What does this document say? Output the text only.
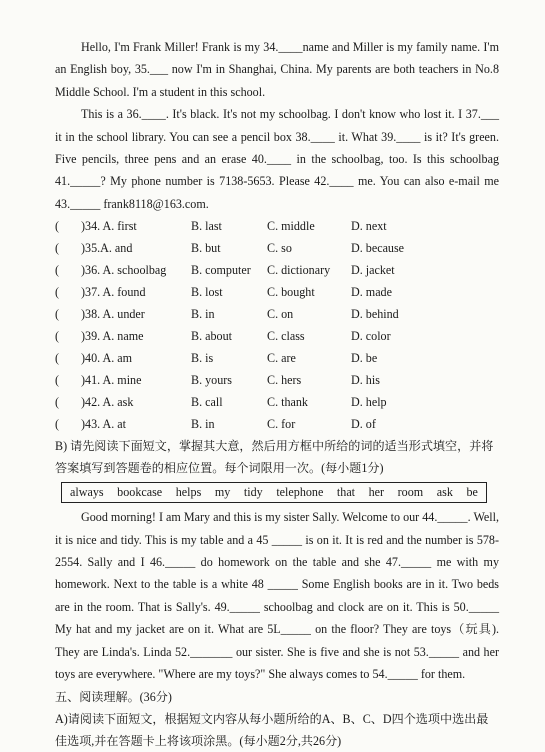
Hello, I'm Frank Miller! Frank is my 34.____name and Miller is my family name. I'm an English boy, 35.___ now I'm in Shanghai, China. My parents are both teachers in No.8 Middle School. I'm a student in this school.

This is a 36.____. It's black. It's not my schoolbag. I don't know who lost it. I 37.___ it in the school library. You can see a pencil box 38.____ it. What 39.____ is it? It's green. Five pencils, three pens and an erase 40.____ in the schoolbag, too. Is this schoolbag 41._____? My phone number is 7138-5653. Please 42.____ me. You can also e-mail me 43._____ frank8118@163.com.

(	)34. A. first	B. last	C. middle	D. next
(	)35.A. and	B. but	C. so	D. because
(	)36. A. schoolbag	B. computer	C. dictionary	D. jacket
(	)37. A. found	B. lost	C. bought	D. made
(	)38. A. under	B. in	C. on	D. behind
(	)39. A. name	B. about	C. class	D. color
(	)40. A. am	B. is	C. are	D. be
(	)41. A. mine	B. yours	C. hers	D. his
(	)42. A. ask	B. call	C. thank	D. help
(	)43. A. at	B. in	C. for	D. of

B) 请先阅读下面短文，掌握其大意，然后用方框中所给的词的适当形式填空，并将答案填写到答题卷的相应位置。每个词限用一次。(每小题1分)

always bookcase helps my tidy telephone that her room ask be

Good morning! I am Mary and this is my sister Sally. Welcome to our 44._____. Well, it is nice and tidy. This is my table and a 45 _____ is on it. It is red and the number is 578-2554. Sally and I 46._____ do homework on the table and she 47._____ me with my homework. Next to the table is a white 48 _____ Some English books are in it. Two beds are in the room. That is Sally's. 49._____ schoolbag and clock are on it. This is 50._____ My hat and my jacket are on it. What are 5L_____ on the floor? They are toys（玩具). They are Linda's. Linda 52._______ our sister. She is five and she is not 53._____ and her toys are everywhere. "Where are my toys?" She always comes to 54._____ for them.

五、阅读理解。(36分)

A)请阅读下面短文，根据短文内容从每小题所给的A、B、C、D四个选项中选出最佳选项,并在答题卡上将该项涂黑。(每小题2分,共26分)
